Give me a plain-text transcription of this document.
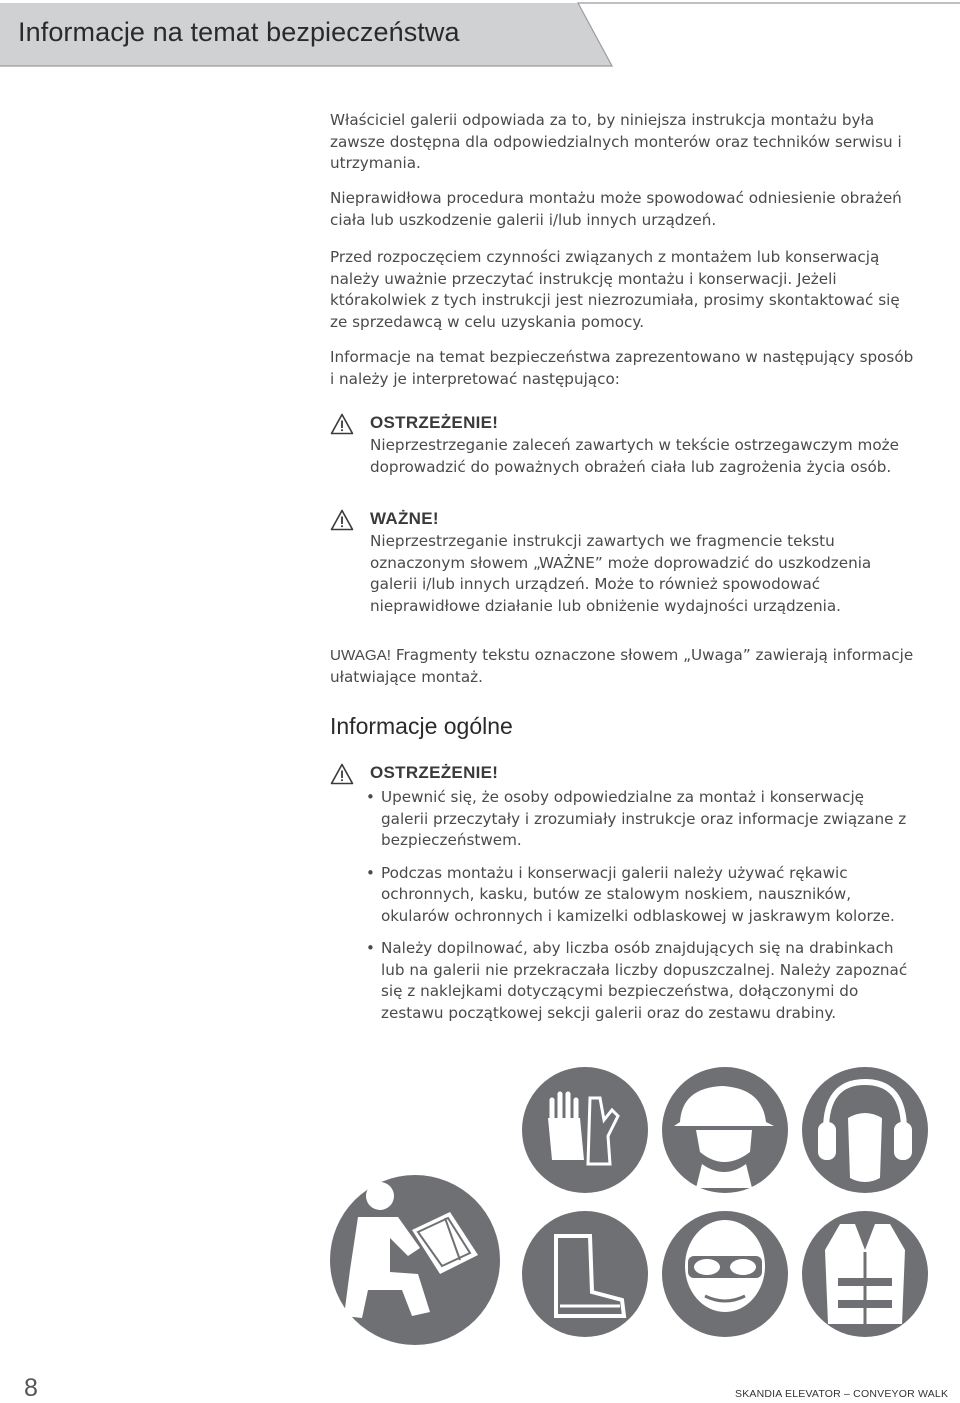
Informacje na temat bezpieczeństwa

Właściciel galerii odpowiada za to, by niniejsza instrukcja montażu była zawsze dostępna dla odpowiedzialnych monterów oraz techników serwisu i utrzymania.

Nieprawidłowa procedura montażu może spowodować odniesienie obrażeń ciała lub uszkodzenie galerii i/lub innych urządzeń.

Przed rozpoczęciem czynności związanych z montażem lub konserwacją należy uważnie przeczytać instrukcję montażu i konserwacji. Jeżeli którakolwiek z tych instrukcji jest niezrozumiała, prosimy skontaktować się ze sprzedawcą w celu uzyskania pomocy.

Informacje na temat bezpieczeństwa zaprezentowano w następujący sposób i należy je interpretować następująco:

OSTRZEŻENIE!

Nieprzestrzeganie zaleceń zawartych w tekście ostrzegawczym może doprowadzić do poważnych obrażeń ciała lub zagrożenia życia osób.

WAŻNE!

Nieprzestrzeganie instrukcji zawartych we fragmencie tekstu oznaczonym słowem „WAŻNE” może doprowadzić do uszkodzenia galerii i/lub innych urządzeń. Może to również spowodować nieprawidłowe działanie lub obniżenie wydajności urządzenia.

UWAGA! Fragmenty tekstu oznaczone słowem „Uwaga” zawierają informacje ułatwiające montaż.

Informacje ogólne
OSTRZEŻENIE!
• Upewnić się, że osoby odpowiedzialne za montaż i konserwację galerii przeczytały i zrozumiały instrukcje oraz informacje związane z bezpieczeństwem.
• Podczas montażu i konserwacji galerii należy używać rękawic ochronnych, kasku, butów ze stalowym noskiem, nauszników, okularów ochronnych i kamizelki odblaskowej w jaskrawym kolorze.
• Należy dopilnować, aby liczba osób znajdujących się na drabinkach lub na galerii nie przekraczała liczby dopuszczalnej. Należy zapoznać się z naklejkami dotyczącymi bezpieczeństwa, dołączonymi do zestawu początkowej sekcji galerii oraz do zestawu drabiny.
8	SKANDIA ELEVATOR – CONVEYOR WALK
